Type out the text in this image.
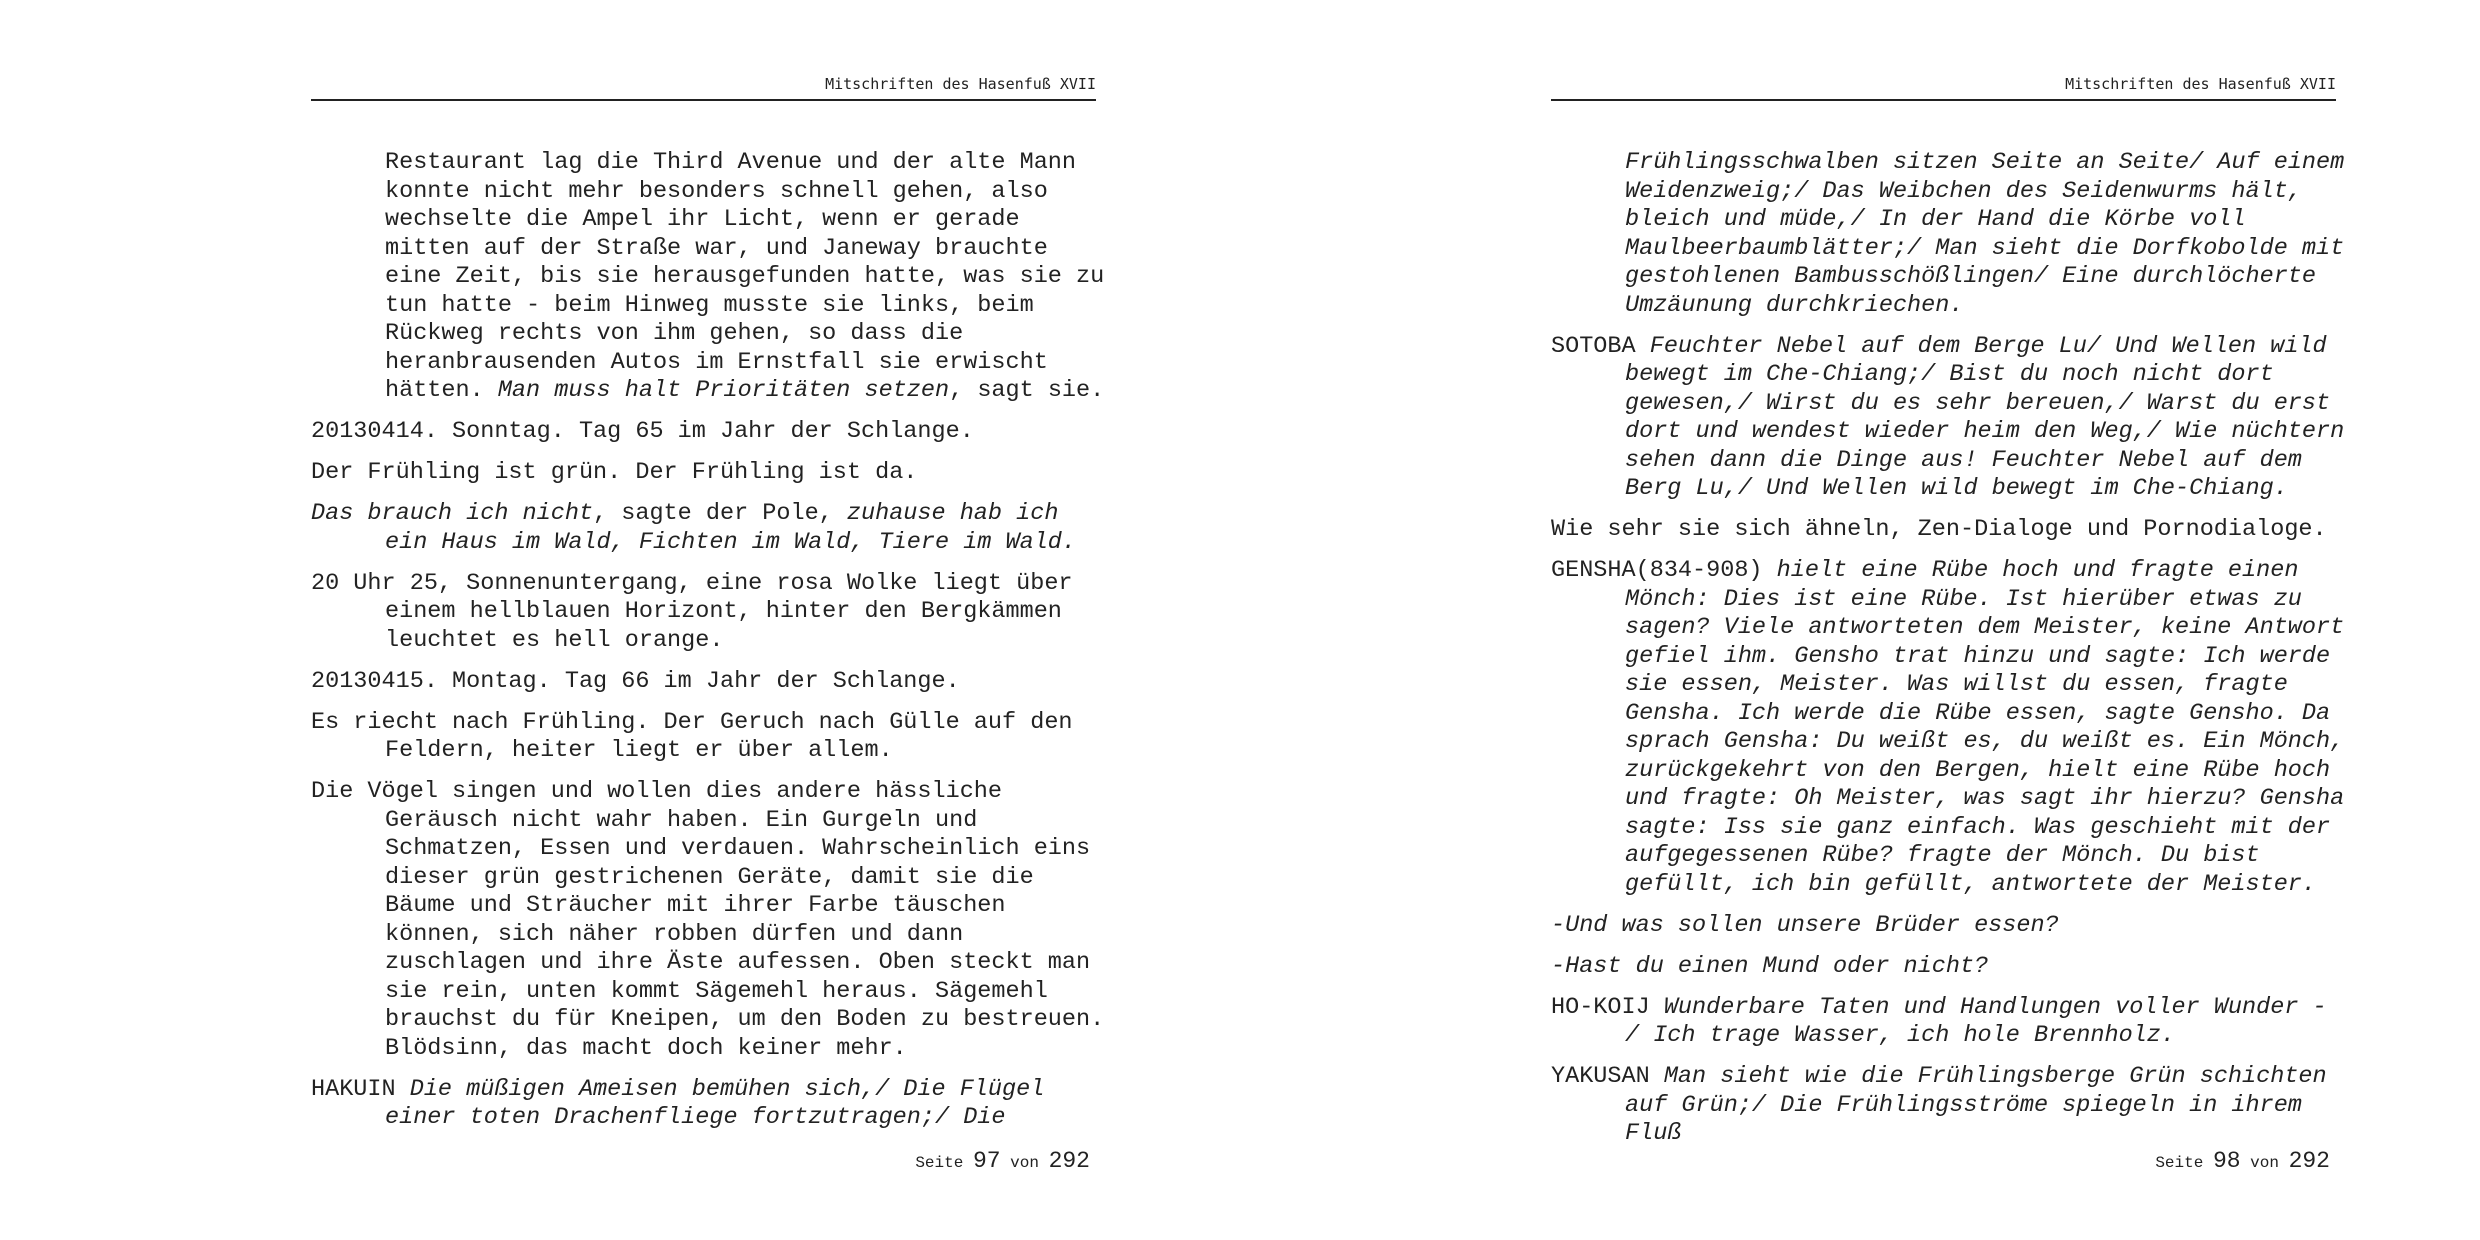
Mitschriften des Hasenfuß XVII

Restaurant lag die Third Avenue und der alte Mann konnte nicht mehr besonders schnell gehen, also wechselte die Ampel ihr Licht, wenn er gerade mitten auf der Straße war, und Janeway brauchte eine Zeit, bis sie herausgefunden hatte, was sie zu tun hatte - beim Hinweg musste sie links, beim Rückweg rechts von ihm gehen, so dass die heranbrausenden Autos im Ernstfall sie erwischt hätten. Man muss halt Prioritäten setzen, sagt sie.

20130414. Sonntag. Tag 65 im Jahr der Schlange.

Der Frühling ist grün. Der Frühling ist da.

Das brauch ich nicht, sagte der Pole, zuhause hab ich ein Haus im Wald, Fichten im Wald, Tiere im Wald.

20 Uhr 25, Sonnenuntergang, eine rosa Wolke liegt über einem hellblauen Horizont, hinter den Bergkämmen leuchtet es hell orange.

20130415. Montag. Tag 66 im Jahr der Schlange.

Es riecht nach Frühling. Der Geruch nach Gülle auf den Feldern, heiter liegt er über allem.

Die Vögel singen und wollen dies andere hässliche Geräusch nicht wahr haben. Ein Gurgeln und Schmatzen, Essen und verdauen. Wahrscheinlich eins dieser grün gestrichenen Geräte, damit sie die Bäume und Sträucher mit ihrer Farbe täuschen können, sich näher robben dürfen und dann zuschlagen und ihre Äste aufessen. Oben steckt man sie rein, unten kommt Sägemehl heraus. Sägemehl brauchst du für Kneipen, um den Boden zu bestreuen. Blödsinn, das macht doch keiner mehr.

HAKUIN Die müßigen Ameisen bemühen sich,/ Die Flügel einer toten Drachenfliege fortzutragen;/ Die

Seite 97 von 292
Mitschriften des Hasenfuß XVII

Frühlingsschwalben sitzen Seite an Seite/ Auf einem Weidenzweig;/ Das Weibchen des Seidenwurms hält, bleich und müde,/ In der Hand die Körbe voll Maulbeerbaumblätter;/ Man sieht die Dorfkobolde mit gestohlenen Bambusschößlingen/ Eine durchlöcherte Umzäunung durchkriechen.

SOTOBA Feuchter Nebel auf dem Berge Lu/ Und Wellen wild bewegt im Che-Chiang;/ Bist du noch nicht dort gewesen,/ Wirst du es sehr bereuen,/ Warst du erst dort und wendest wieder heim den Weg,/ Wie nüchtern sehen dann die Dinge aus! Feuchter Nebel auf dem Berg Lu,/ Und Wellen wild bewegt im Che-Chiang.

Wie sehr sie sich ähneln, Zen-Dialoge und Pornodialoge.

GENSHA(834-908) hielt eine Rübe hoch und fragte einen Mönch: Dies ist eine Rübe. Ist hierüber etwas zu sagen? Viele antworteten dem Meister, keine Antwort gefiel ihm. Gensho trat hinzu und sagte: Ich werde sie essen, Meister. Was willst du essen, fragte Gensha. Ich werde die Rübe essen, sagte Gensho. Da sprach Gensha: Du weißt es, du weißt es. Ein Mönch, zurückgekehrt von den Bergen, hielt eine Rübe hoch und fragte: Oh Meister, was sagt ihr hierzu? Gensha sagte: Iss sie ganz einfach. Was geschieht mit der aufgegessenen Rübe? fragte der Mönch. Du bist gefüllt, ich bin gefüllt, antwortete der Meister.

-Und was sollen unsere Brüder essen?

-Hast du einen Mund oder nicht?

HO-KOIJ Wunderbare Taten und Handlungen voller Wunder - / Ich trage Wasser, ich hole Brennholz.

YAKUSAN Man sieht wie die Frühlingsberge Grün schichten auf Grün;/ Die Frühlingsströme spiegeln in ihrem Fluß

Seite 98 von 292
